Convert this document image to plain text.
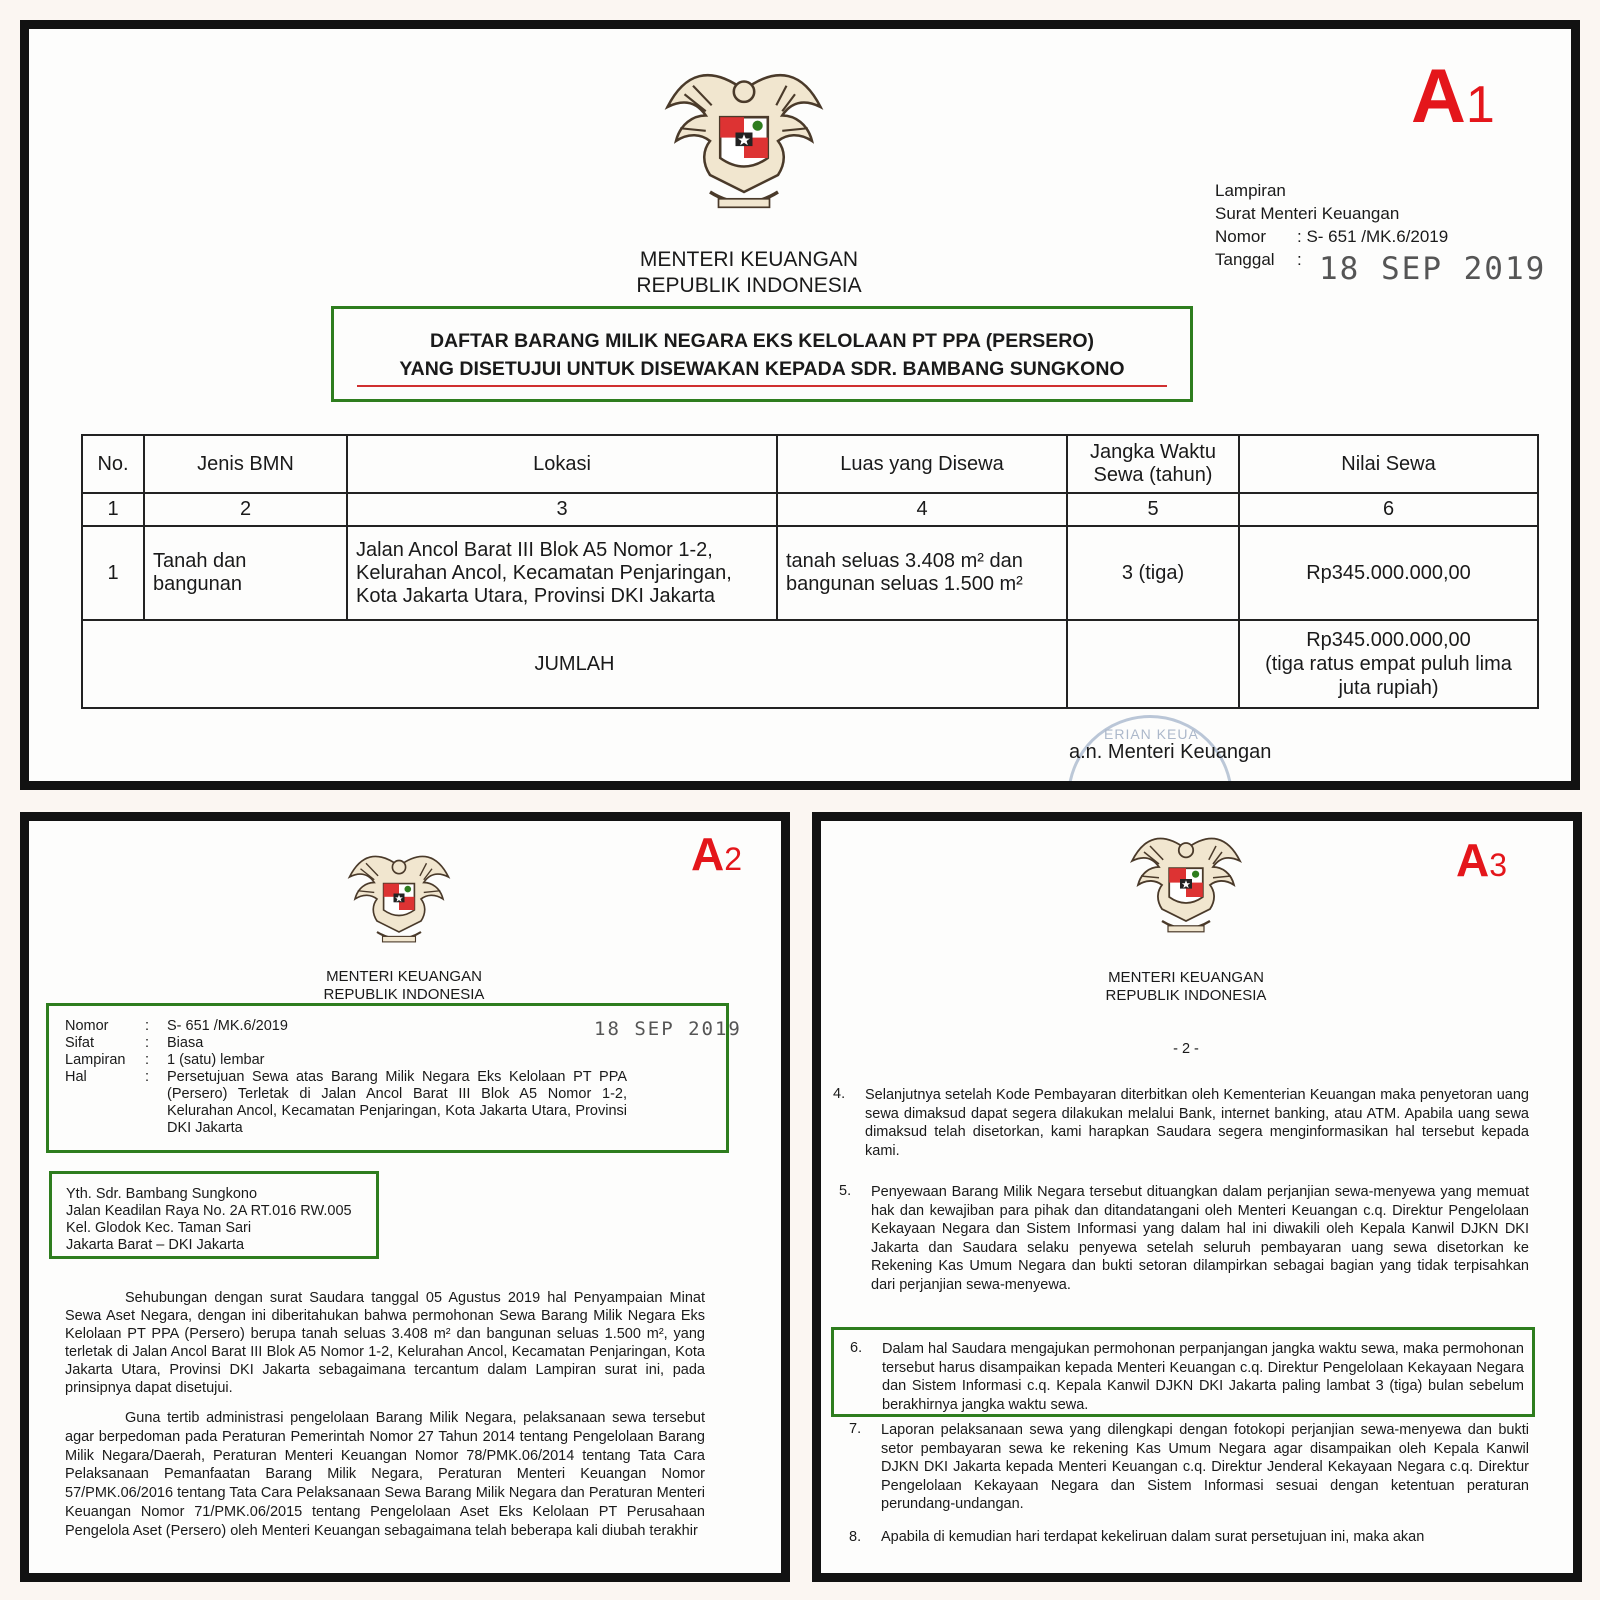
A1
MENTERI KEUANGAN
REPUBLIK INDONESIA
Lampiran
Surat Menteri Keuangan
Nomor : S- 651 /MK.6/2019
Tanggal : 18 SEP 2019
DAFTAR BARANG MILIK NEGARA EKS KELOLAAN PT PPA (PERSERO)
YANG DISETUJUI UNTUK DISEWAKAN KEPADA SDR. BAMBANG SUNGKONO
No.	Jenis BMN	Lokasi	Luas yang Disewa	Jangka Waktu Sewa (tahun)	Nilai Sewa
1	2	3	4	5	6
1	Tanah dan bangunan	Jalan Ancol Barat III Blok A5 Nomor 1-2, Kelurahan Ancol, Kecamatan Penjaringan, Kota Jakarta Utara, Provinsi DKI Jakarta	tanah seluas 3.408 m² dan bangunan seluas 1.500 m²	3 (tiga)	Rp345.000.000,00
JUMLAH					Rp345.000.000,00
(tiga ratus empat puluh lima juta rupiah)
ERIAN KEUA
a.n. Menteri Keuangan
A2
MENTERI KEUANGAN
REPUBLIK INDONESIA
Nomor	: S- 651 /MK.6/2019
Sifat	: Biasa
Lampiran : 1 (satu) lembar
Hal	:	Persetujuan Sewa atas Barang Milik Negara Eks Kelolaan PT PPA (Persero) Terletak di Jalan Ancol Barat III Blok A5 Nomor 1-2, Kelurahan Ancol, Kecamatan Penjaringan, Kota Jakarta Utara, Provinsi DKI Jakarta
18 SEP 2019
Yth. Sdr. Bambang Sungkono
Jalan Keadilan Raya No. 2A RT.016 RW.005
Kel. Glodok Kec. Taman Sari
Jakarta Barat – DKI Jakarta
Sehubungan dengan surat Saudara tanggal 05 Agustus 2019 hal Penyampaian Minat Sewa Aset Negara, dengan ini diberitahukan bahwa permohonan Sewa Barang Milik Negara Eks Kelolaan PT PPA (Persero) berupa tanah seluas 3.408 m² dan bangunan seluas 1.500 m², yang terletak di Jalan Ancol Barat III Blok A5 Nomor 1-2, Kelurahan Ancol, Kecamatan Penjaringan, Kota Jakarta Utara, Provinsi DKI Jakarta sebagaimana tercantum dalam Lampiran surat ini, pada prinsipnya dapat disetujui.
Guna tertib administrasi pengelolaan Barang Milik Negara, pelaksanaan sewa tersebut agar berpedoman pada Peraturan Pemerintah Nomor 27 Tahun 2014 tentang Pengelolaan Barang Milik Negara/Daerah, Peraturan Menteri Keuangan Nomor 78/PMK.06/2014 tentang Tata Cara Pelaksanaan Pemanfaatan Barang Milik Negara, Peraturan Menteri Keuangan Nomor 57/PMK.06/2016 tentang Tata Cara Pelaksanaan Sewa Barang Milik Negara dan Peraturan Menteri Keuangan Nomor 71/PMK.06/2015 tentang Pengelolaan Aset Eks Kelolaan PT Perusahaan Pengelola Aset (Persero) oleh Menteri Keuangan sebagaimana telah beberapa kali diubah terakhir
A3
MENTERI KEUANGAN
REPUBLIK INDONESIA
- 2 -
4.	Selanjutnya setelah Kode Pembayaran diterbitkan oleh Kementerian Keuangan maka penyetoran uang sewa dimaksud dapat segera dilakukan melalui Bank, internet banking, atau ATM. Apabila uang sewa dimaksud telah disetorkan, kami harapkan Saudara segera menginformasikan hal tersebut kepada kami.
5.	Penyewaan Barang Milik Negara tersebut dituangkan dalam perjanjian sewa-menyewa yang memuat hak dan kewajiban para pihak dan ditandatangani oleh Menteri Keuangan c.q. Direktur Pengelolaan Kekayaan Negara dan Sistem Informasi yang dalam hal ini diwakili oleh Kepala Kanwil DJKN DKI Jakarta dan Saudara selaku penyewa setelah seluruh pembayaran uang sewa disetorkan ke Rekening Kas Umum Negara dan bukti setoran dilampirkan sebagai bagian yang tidak terpisahkan dari perjanjian sewa-menyewa.
6.	Dalam hal Saudara mengajukan permohonan perpanjangan jangka waktu sewa, maka permohonan tersebut harus disampaikan kepada Menteri Keuangan c.q. Direktur Pengelolaan Kekayaan Negara dan Sistem Informasi c.q. Kepala Kanwil DJKN DKI Jakarta paling lambat 3 (tiga) bulan sebelum berakhirnya jangka waktu sewa.
7.	Laporan pelaksanaan sewa yang dilengkapi dengan fotokopi perjanjian sewa-menyewa dan bukti setor pembayaran sewa ke rekening Kas Umum Negara agar disampaikan oleh Kepala Kanwil DJKN DKI Jakarta kepada Menteri Keuangan c.q. Direktur Jenderal Kekayaan Negara c.q. Direktur Pengelolaan Kekayaan Negara dan Sistem Informasi sesuai dengan ketentuan peraturan perundang-undangan.
8.	Apabila di kemudian hari terdapat kekeliruan dalam surat persetujuan ini, maka akan
